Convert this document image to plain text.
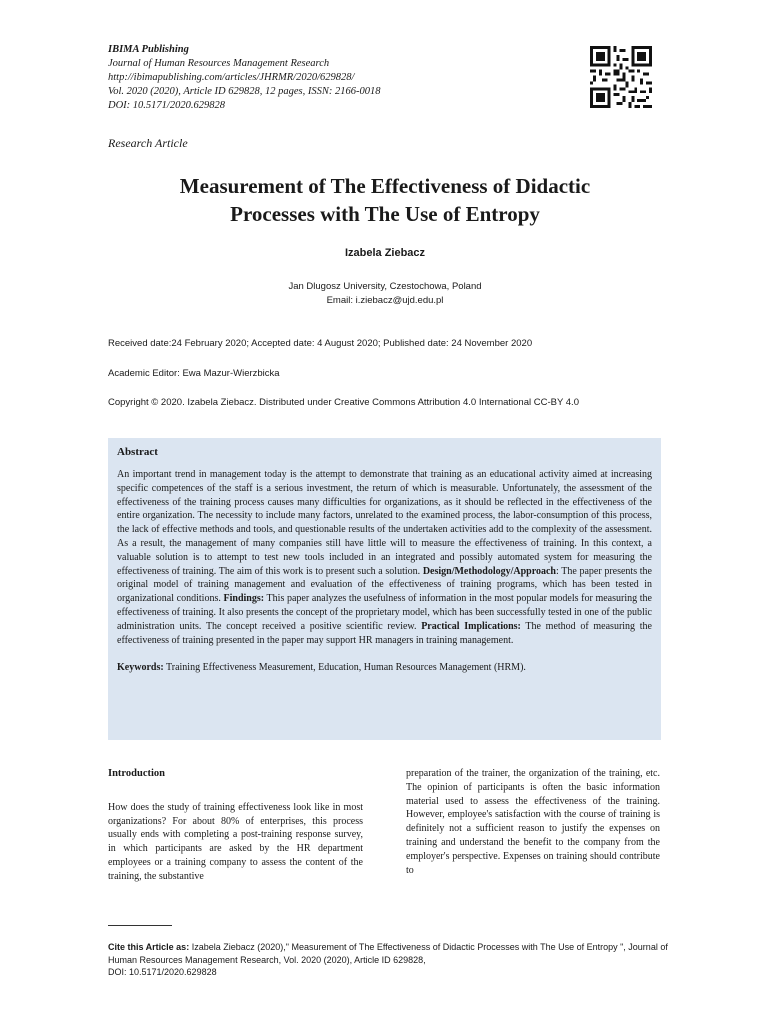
IBIMA Publishing
Journal of Human Resources Management Research
http://ibimapublishing.com/articles/JHRMR/2020/629828/
Vol. 2020 (2020), Article ID 629828, 12 pages, ISSN: 2166-0018
DOI: 10.5171/2020.629828
Research Article
Measurement of The Effectiveness of Didactic
Processes with The Use of Entropy
Izabela Ziebacz
Jan Dlugosz University, Czestochowa, Poland
Email: i.ziebacz@ujd.edu.pl
Received date:24 February 2020; Accepted date: 4 August 2020; Published date: 24 November 2020
Academic Editor: Ewa Mazur-Wierzbicka
Copyright © 2020. Izabela Ziebacz. Distributed under Creative Commons Attribution 4.0 International CC-BY 4.0
Abstract

An important trend in management today is the attempt to demonstrate that training as an educational activity aimed at increasing specific competences of the staff is a serious investment, the return of which is measurable. Unfortunately, the assessment of the effectiveness of the training process causes many difficulties for organizations, as it should be reflected in the effectiveness of the entire organization. The necessity to include many factors, unrelated to the examined process, the labor-consumption of this process, the lack of effective methods and tools, and questionable results of the undertaken activities add to the complexity of the assessment. As a result, the management of many companies still have little will to measure the effectiveness of training. In this context, a valuable solution is to attempt to test new tools included in an integrated and possibly automated system for measuring the effectiveness of training. The aim of this work is to present such a solution. Design/Methodology/Approach: The paper presents the original model of training management and evaluation of the effectiveness of training programs, which has been tested in organizational conditions. Findings: This paper analyzes the usefulness of information in the most popular models for measuring the effectiveness of training. It also presents the concept of the proprietary model, which has been successfully tested in one of the public administration units. The concept received a positive scientific review. Practical Implications: The method of measuring the effectiveness of training presented in the paper may support HR managers in training management.

Keywords: Training Effectiveness Measurement, Education, Human Resources Management (HRM).

Introduction

How does the study of training effectiveness look like in most organizations? For about 80% of enterprises, this process usually ends with completing a post-training response survey, in which participants are asked by the HR department employees or a training company to assess the content of the training, the substantive

preparation of the trainer, the organization of the training, etc. The opinion of participants is often the basic information material used to assess the effectiveness of the training. However, employee's satisfaction with the course of training is definitely not a sufficient reason to justify the expenses on training and understand the benefit to the company from the employer's perspective. Expenses on training should contribute to

Cite this Article as: Izabela Ziebacz (2020)," Measurement of The Effectiveness of Didactic Processes with The Use of Entropy ", Journal of Human Resources Management Research, Vol. 2020 (2020), Article ID 629828,
DOI: 10.5171/2020.629828
